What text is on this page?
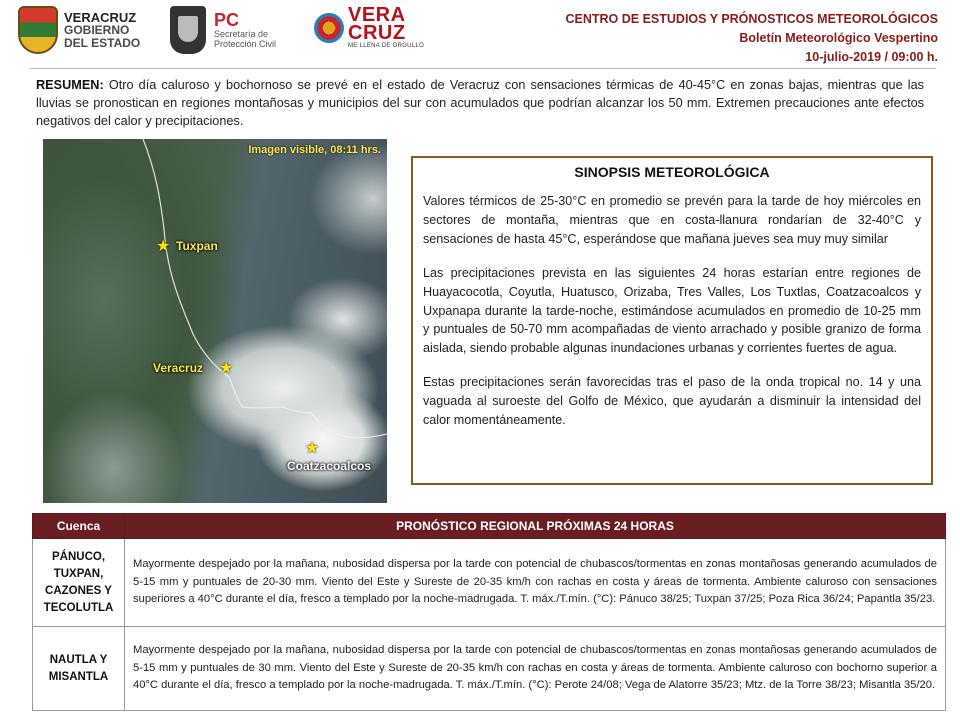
VERACRUZ
GOBIERNO
DEL ESTADO
PC
Secretaría de
Protección Civil
VERA
CRUZ
ME LLENA DE ORGULLO
CENTRO DE ESTUDIOS Y PRÓNOSTICOS METEOROLÓGICOS
Boletín Meteorológico Vespertino
10-julio-2019 / 09:00 h.
RESUMEN: Otro día caluroso y bochornoso se prevé en el estado de Veracruz con sensaciones térmicas de 40-45°C en zonas bajas, mientras que las lluvias se pronostican en regiones montañosas y municipios del sur con acumulados que podrían alcanzar los 50 mm. Extremen precauciones ante efectos negativos del calor y precipitaciones.
Imagen visible, 08:11 hrs.
★ Tuxpan
★
Veracruz
★
Coatzacoalcos
SINOPSIS METEOROLÓGICA

Valores térmicos de 25-30°C en promedio se prevén para la tarde de hoy miércoles en sectores de montaña, mientras que en costa-llanura rondarían de 32-40°C y sensaciones de hasta 45°C, esperándose que mañana jueves sea muy muy similar

Las precipitaciones prevista en las siguientes 24 horas estarían entre regiones de Huayacocotla, Coyutla, Huatusco, Orizaba, Tres Valles, Los Tuxtlas, Coatzacoalcos y Uxpanapa durante la tarde-noche, estimándose acumulados en promedio de 10-25 mm y puntuales de 50-70 mm acompañadas de viento arrachado y posible granizo de forma aislada, siendo probable algunas inundaciones urbanas y corrientes fuertes de agua.

Estas precipitaciones serán favorecidas tras el paso de la onda tropical no. 14 y una vaguada al suroeste del Golfo de México, que ayudarán a disminuir la intensidad del calor momentáneamente.

Cuenca	PRONÓSTICO REGIONAL PRÓXIMAS 24 HORAS
PÁNUCO, TUXPAN, CAZONES Y TECOLUTLA	Mayormente despejado por la mañana, nubosidad dispersa por la tarde con potencial de chubascos/tormentas en zonas montañosas generando acumulados de 5-15 mm y puntuales de 20-30 mm. Viento del Este y Sureste de 20-35 km/h con rachas en costa y áreas de tormenta. Ambiente caluroso con sensaciones superiores a 40°C durante el día, fresco a templado por la noche-madrugada. T. máx./T.mín. (°C): Pánuco 38/25; Tuxpan 37/25; Poza Rica 36/24; Papantla 35/23.
NAUTLA Y MISANTLA	Mayormente despejado por la mañana, nubosidad dispersa por la tarde con potencial de chubascos/tormentas en zonas montañosas generando acumulados de 5-15 mm y puntuales de 30 mm. Viento del Este y Sureste de 20-35 km/h con rachas en costa y áreas de tormenta. Ambiente caluroso con bochorno superior a 40°C durante el día, fresco a templado por la noche-madrugada. T. máx./T.mín. (°C): Perote 24/08; Vega de Alatorre 35/23; Mtz. de la Torre 38/23; Misantla 35/20.
